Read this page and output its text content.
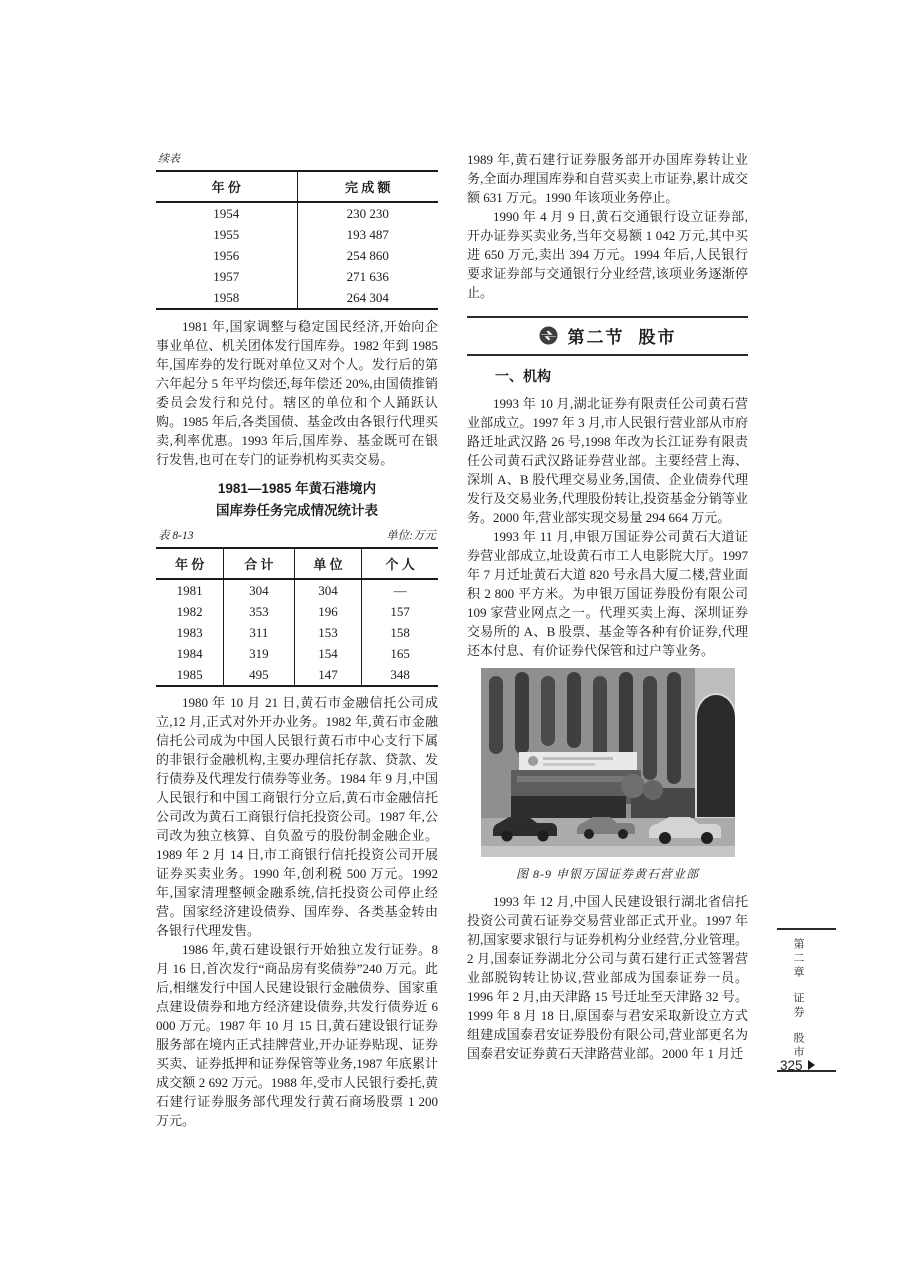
续表
年 份	完 成 额
1954	230 230
1955	193 487
1956	254 860
1957	271 636
1958	264 304

1981 年,国家调整与稳定国民经济,开始向企事业单位、机关团体发行国库券。1982 年到 1985 年,国库券的发行既对单位又对个人。发行后的第六年起分 5 年平均偿还,每年偿还 20%,由国债推销委员会发行和兑付。辖区的单位和个人踊跃认购。1985 年后,各类国债、基金改由各银行代理买卖,利率优惠。1993 年后,国库券、基金既可在银行发售,也可在专门的证券机构买卖交易。

1981—1985 年黄石港境内
国库券任务完成情况统计表
表 8-13	单位:万元
年 份	合 计	单 位	个 人
1981	304	304	—
1982	353	196	157
1983	311	153	158
1984	319	154	165
1985	495	147	348

1980 年 10 月 21 日,黄石市金融信托公司成立,12 月,正式对外开办业务。1982 年,黄石市金融信托公司成为中国人民银行黄石市中心支行下属的非银行金融机构,主要办理信托存款、贷款、发行债券及代理发行债券等业务。1984 年 9 月,中国人民银行和中国工商银行分立后,黄石市金融信托公司改为黄石工商银行信托投资公司。1987 年,公司改为独立核算、自负盈亏的股份制金融企业。1989 年 2 月 14 日,市工商银行信托投资公司开展证券买卖业务。1990 年,创利税 500 万元。1992 年,国家清理整顿金融系统,信托投资公司停止经营。国家经济建设债券、国库券、各类基金转由各银行代理发售。

1986 年,黄石建设银行开始独立发行证券。8 月 16 日,首次发行“商品房有奖债券”240 万元。此后,相继发行中国人民建设银行金融债券、国家重点建设债券和地方经济建设债券,共发行债券近 6 000 万元。1987 年 10 月 15 日,黄石建设银行证券服务部在境内正式挂牌营业,开办证券贴现、证券买卖、证券抵押和证券保管等业务,1987 年底累计成交额 2 692 万元。1988 年,受市人民银行委托,黄石建行证券服务部代理发行黄石商场股票 1 200 万元。

1989 年,黄石建行证券服务部开办国库券转让业务,全面办理国库券和自营买卖上市证券,累计成交额 631 万元。1990 年该项业务停止。

1990 年 4 月 9 日,黄石交通银行设立证券部,开办证券买卖业务,当年交易额 1 042 万元,其中买进 650 万元,卖出 394 万元。1994 年后,人民银行要求证券部与交通银行分业经营,该项业务逐渐停止。

第二节 股市
一、机构

1993 年 10 月,湖北证券有限责任公司黄石营业部成立。1997 年 3 月,市人民银行营业部从市府路迁址武汉路 26 号,1998 年改为长江证券有限责任公司黄石武汉路证券营业部。主要经营上海、深圳 A、B 股代理交易业务,国债、企业债券代理发行及交易业务,代理股份转让,投资基金分销等业务。2000 年,营业部实现交易量 294 664 万元。

1993 年 11 月,申银万国证券公司黄石大道证券营业部成立,址设黄石市工人电影院大厅。1997 年 7 月迁址黄石大道 820 号永昌大厦二楼,营业面积 2 800 平方米。为申银万国证券股份有限公司 109 家营业网点之一。代理买卖上海、深圳证券交易所的 A、B 股票、基金等各种有价证券,代理还本付息、有价证券代保管和过户等业务。

图 8-9 申银万国证券黄石营业部

1993 年 12 月,中国人民建设银行湖北省信托投资公司黄石证券交易营业部正式开业。1997 年初,国家要求银行与证券机构分业经营,分业管理。2 月,国泰证券湖北分公司与黄石建行正式签署营业部脱钩转让协议,营业部成为国泰证券一员。1996 年 2 月,由天津路 15 号迁址至天津路 32 号。1999 年 8 月 18 日,原国泰与君安采取新设立方式组建成国泰君安证券股份有限公司,营业部更名为国泰君安证券黄石天津路营业部。2000 年 1 月迁

第二章
证券
股市
325
